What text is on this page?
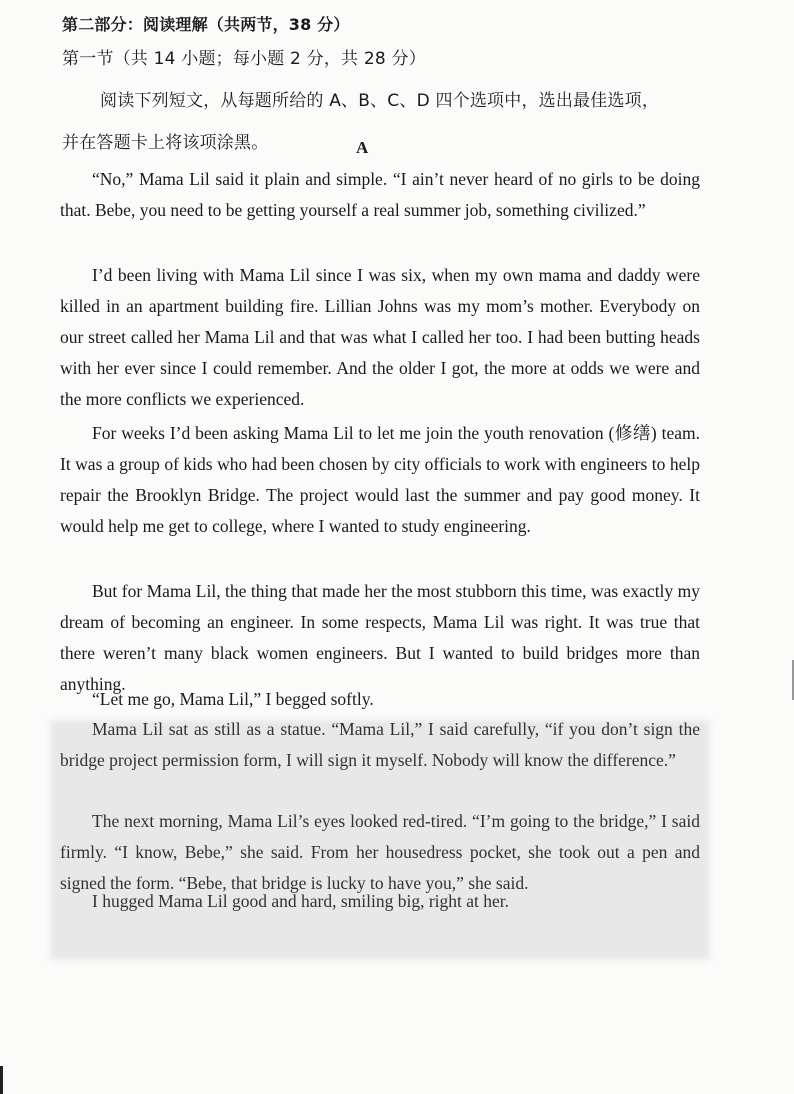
第二部分：阅读理解（共两节，38 分）
第一节（共 14 小题；每小题 2 分，共 28 分）
阅读下列短文，从每题所给的 A、B、C、D 四个选项中，选出最佳选项，
并在答题卡上将该项涂黑。	A

“No,” Mama Lil said it plain and simple. “I ain’t never heard of no girls to be doing that. Bebe, you need to be getting yourself a real summer job, something civilized.”

I’d been living with Mama Lil since I was six, when my own mama and daddy were killed in an apartment building fire. Lillian Johns was my mom’s mother. Everybody on our street called her Mama Lil and that was what I called her too. I had been butting heads with her ever since I could remember. And the older I got, the more at odds we were and the more conflicts we experienced.

For weeks I’d been asking Mama Lil to let me join the youth renovation (修缮) team. It was a group of kids who had been chosen by city officials to work with engineers to help repair the Brooklyn Bridge. The project would last the summer and pay good money. It would help me get to college, where I wanted to study engineering.

But for Mama Lil, the thing that made her the most stubborn this time, was exactly my dream of becoming an engineer. In some respects, Mama Lil was right. It was true that there weren’t many black women engineers. But I wanted to build bridges more than anything.

“Let me go, Mama Lil,” I begged softly.

Mama Lil sat as still as a statue. “Mama Lil,” I said carefully, “if you don’t sign the bridge project permission form, I will sign it myself. Nobody will know the difference.”

The next morning, Mama Lil’s eyes looked red-tired. “I’m going to the bridge,” I said firmly. “I know, Bebe,” she said. From her housedress pocket, she took out a pen and signed the form. “Bebe, that bridge is lucky to have you,” she said.

I hugged Mama Lil good and hard, smiling big, right at her.
